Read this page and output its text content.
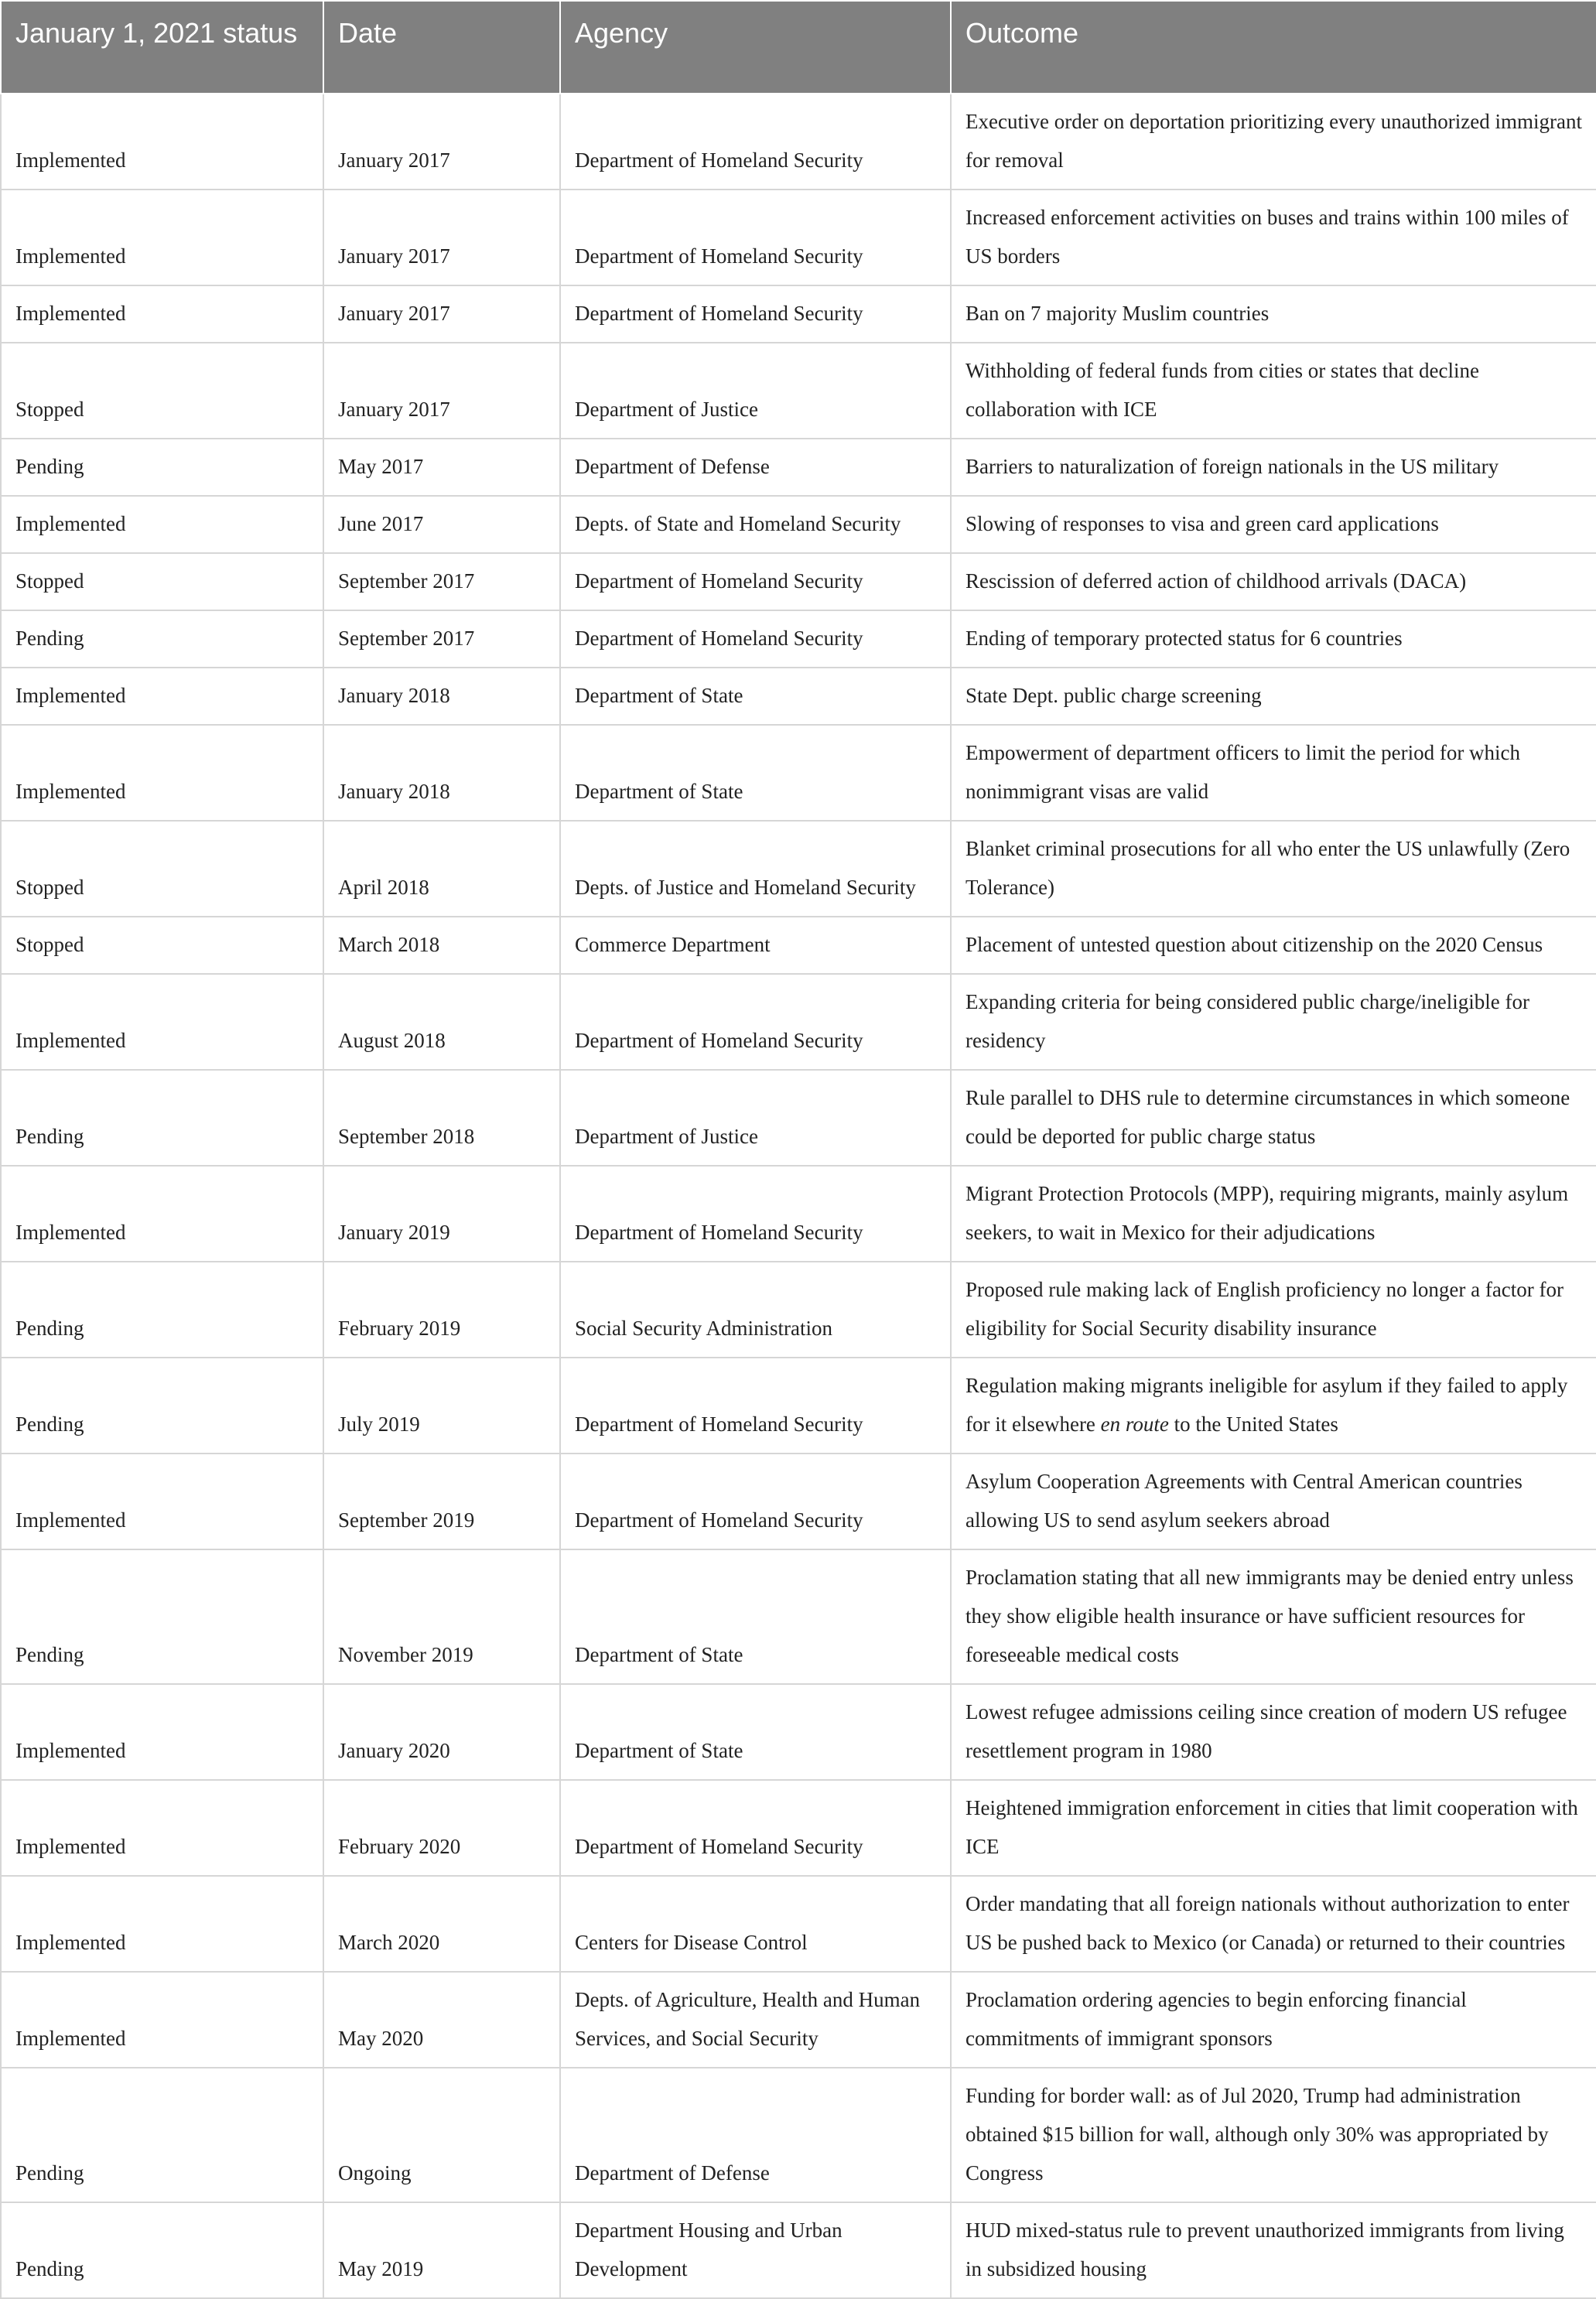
January 1, 2021 status	Date	Agency	Outcome
Implemented	January 2017	Department of Homeland Security	Executive order on deportation prioritizing every unauthorized immigrant for removal
Implemented	January 2017	Department of Homeland Security	Increased enforcement activities on buses and trains within 100 miles of US borders
Implemented	January 2017	Department of Homeland Security	Ban on 7 majority Muslim countries
Stopped	January 2017	Department of Justice	Withholding of federal funds from cities or states that decline collaboration with ICE
Pending	May 2017	Department of Defense	Barriers to naturalization of foreign nationals in the US military
Implemented	June 2017	Depts. of State and Homeland Security	Slowing of responses to visa and green card applications
Stopped	September 2017	Department of Homeland Security	Rescission of deferred action of childhood arrivals (DACA)
Pending	September 2017	Department of Homeland Security	Ending of temporary protected status for 6 countries
Implemented	January 2018	Department of State	State Dept. public charge screening
Implemented	January 2018	Department of State	Empowerment of department officers to limit the period for which nonimmigrant visas are valid
Stopped	April 2018	Depts. of Justice and Homeland Security	Blanket criminal prosecutions for all who enter the US unlawfully (Zero Tolerance)
Stopped	March 2018	Commerce Department	Placement of untested question about citizenship on the 2020 Census
Implemented	August 2018	Department of Homeland Security	Expanding criteria for being considered public charge/ineligible for residency
Pending	September 2018	Department of Justice	Rule parallel to DHS rule to determine circumstances in which someone could be deported for public charge status
Implemented	January 2019	Department of Homeland Security	Migrant Protection Protocols (MPP), requiring migrants, mainly asylum seekers, to wait in Mexico for their adjudications
Pending	February 2019	Social Security Administration	Proposed rule making lack of English proficiency no longer a factor for eligibility for Social Security disability insurance
Pending	July 2019	Department of Homeland Security	Regulation making migrants ineligible for asylum if they failed to apply for it elsewhere en route to the United States
Implemented	September 2019	Department of Homeland Security	Asylum Cooperation Agreements with Central American countries allowing US to send asylum seekers abroad
Pending	November 2019	Department of State	Proclamation stating that all new immigrants may be denied entry unless they show eligible health insurance or have sufficient resources for foreseeable medical costs
Implemented	January 2020	Department of State	Lowest refugee admissions ceiling since creation of modern US refugee resettlement program in 1980
Implemented	February 2020	Department of Homeland Security	Heightened immigration enforcement in cities that limit cooperation with ICE
Implemented	March 2020	Centers for Disease Control	Order mandating that all foreign nationals without authorization to enter US be pushed back to Mexico (or Canada) or returned to their countries
Implemented	May 2020	Depts. of Agriculture, Health and Human Services, and Social Security	Proclamation ordering agencies to begin enforcing financial commitments of immigrant sponsors
Pending	Ongoing	Department of Defense	Funding for border wall: as of Jul 2020, Trump had administration obtained $15 billion for wall, although only 30% was appropriated by Congress
Pending	May 2019	Department Housing and Urban Development	HUD mixed-status rule to prevent unauthorized immigrants from living in subsidized housing
